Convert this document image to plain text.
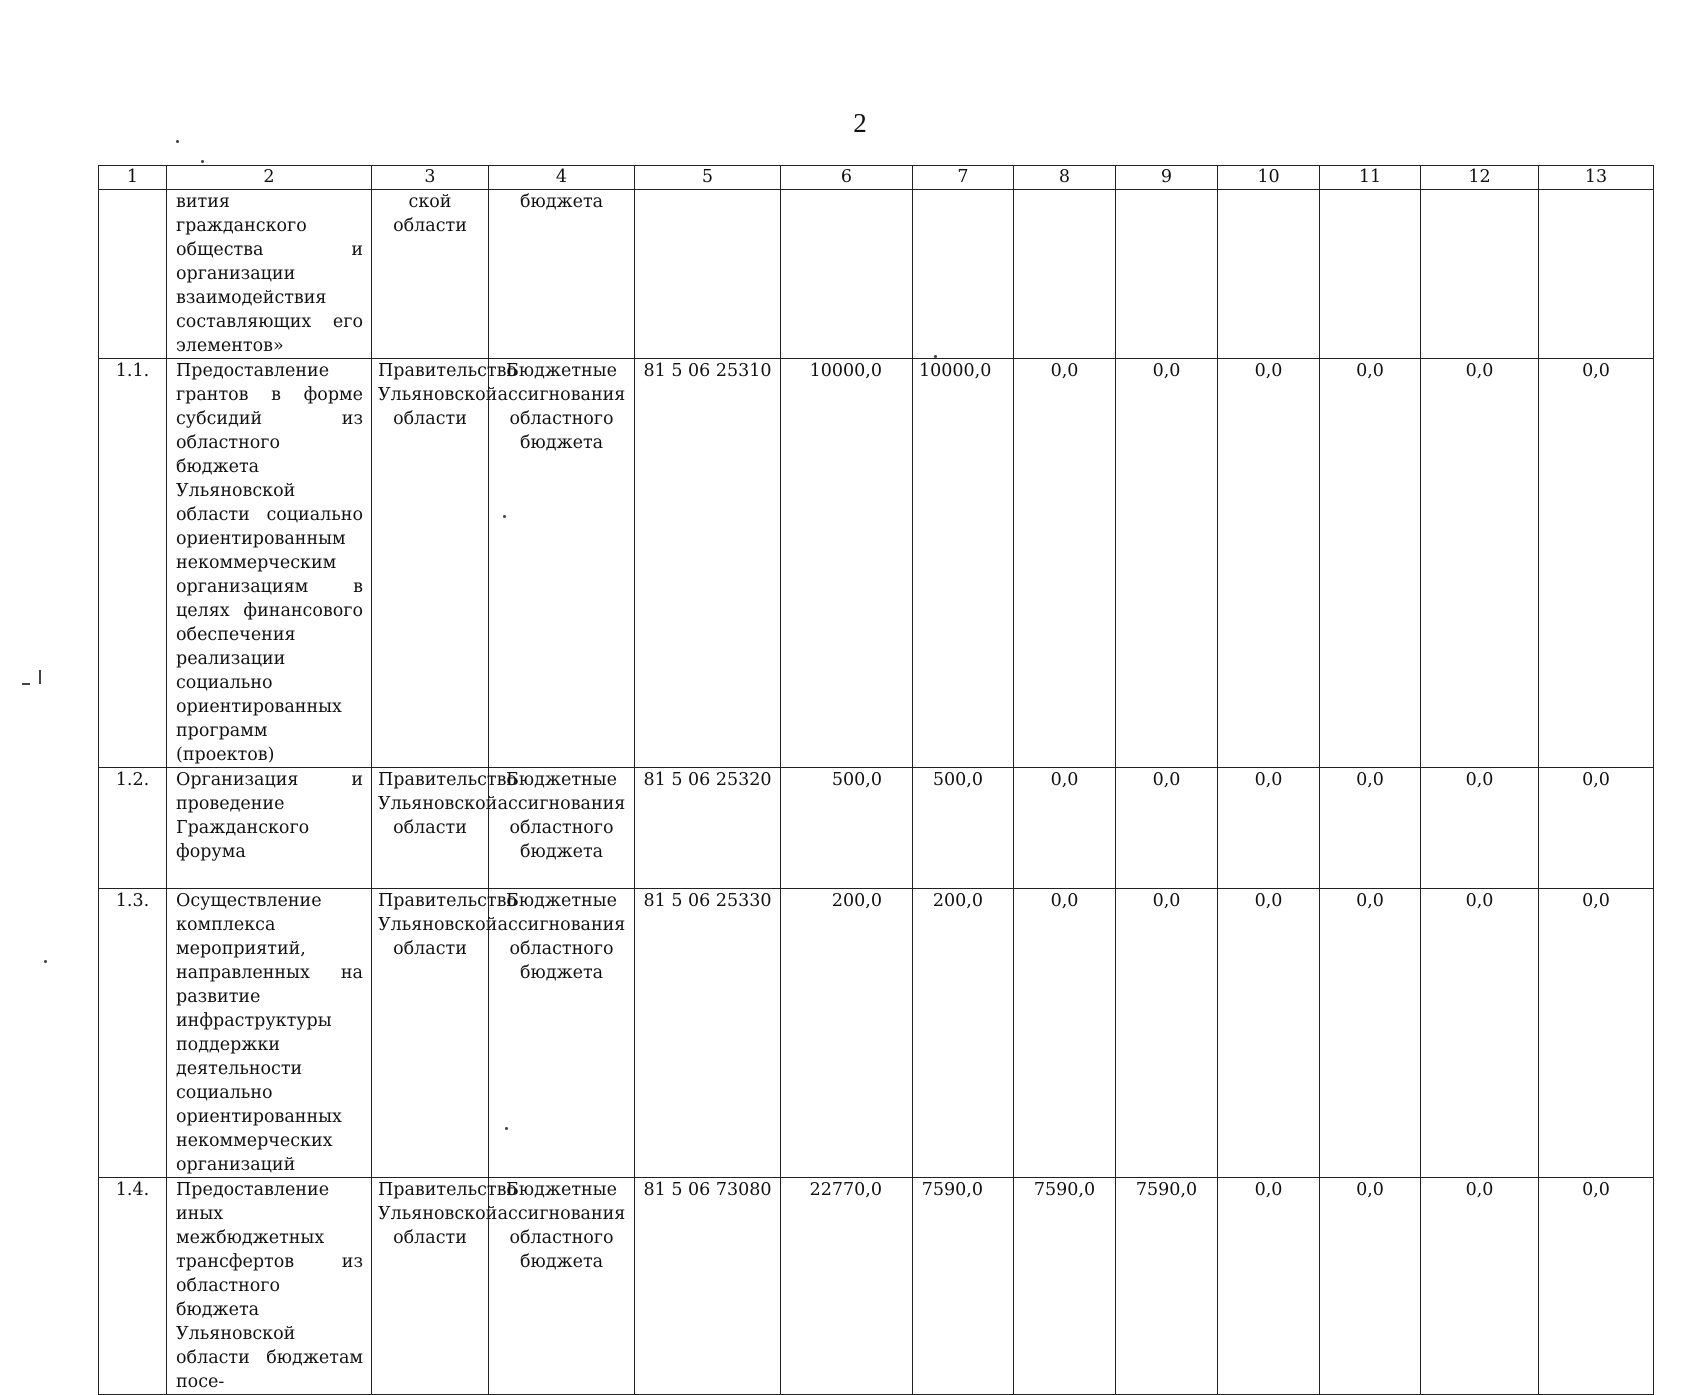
2
1	2	3	4	5	6	7	8	9	10	11	12	13
	вития гражданского общества и организации взаимодействия составляющих его элементов»	ской области	бюджета									
1.1.	Предоставление грантов в форме субсидий из областного бюджета Ульяновской области социально ориентированным некоммерческим организациям в целях финансового обеспечения реализации социально ориентированных программ (проектов)	Правительство Ульяновской области	Бюджетные ассигнования областного бюджета	81 5 06 25310	10000,0	10000,0	0,0	0,0	0,0	0,0	0,0	0,0
1.2.	Организация и проведение Гражданского форума	Правительство Ульяновской области	Бюджетные ассигнования областного бюджета	81 5 06 25320	500,0	500,0	0,0	0,0	0,0	0,0	0,0	0,0
1.3.	Осуществление комплекса мероприятий, направленных на развитие инфраструктуры поддержки деятельности социально ориентированных некоммерческих организаций	Правительство Ульяновской области	Бюджетные ассигнования областного бюджета	81 5 06 25330	200,0	200,0	0,0	0,0	0,0	0,0	0,0	0,0
1.4.	Предоставление иных межбюджетных трансфертов из областного бюджета Ульяновской области бюджетам посе-	Правительство Ульяновской области	Бюджетные ассигнования областного бюджета	81 5 06 73080	22770,0	7590,0	7590,0	7590,0	0,0	0,0	0,0	0,0
